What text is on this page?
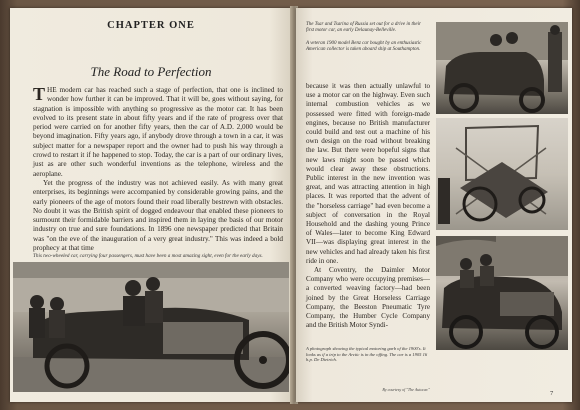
CHAPTER ONE
The Road to Perfection

THE modern car has reached such a stage of perfection, that one is inclined to wonder how further it can be improved. That it will be, goes without saying, for stagnation is impossible with anything so progressive as the motor car. It has been evolved to its present state in about fifty years and if the rate of progress over that period were carried on for another fifty years, then the car of A.D. 2,000 would be beyond imagination. Fifty years ago, if anybody drove through a town in a car, it was subject matter for a newspaper report and the owner had to push his way through a crowd to restart it if he happened to stop. Today, the car is a part of our ordinary lives, just as are other such wonderful inventions as the telephone, wireless and the aeroplane.

Yet the progress of the industry was not achieved easily. As with many great enterprises, its beginnings were accompanied by considerable growing pains, and the early pioneers of the age of motors found their road liberally bestrewn with obstacles. No doubt it was the British spirit of dogged endeavour that enabled these pioneers to surmount their formidable barriers and inspired them in laying the basis of our motor industry on true and sure foundations. In 1896 one newspaper predicted that Britain was "on the eve of the inauguration of a very great industry." This was indeed a bold prophecy at that time

This two-wheeled car, carrying four passengers, must have been a most amazing sight, even for the early days.
The Tsar and Tsarina of Russia set out for a drive in their first motor car, an early Delaunay-Belleville.
A veteran 1900 model Benz car bought by an enthusiastic American collector is taken aboard ship at Southampton.

because it was then actually unlawful to use a motor car on the highway. Even such internal combustion vehicles as we possessed were fitted with foreign-made engines, because no British manufacturer could build and test out a machine of his own design on the road without breaking the law. But there were hopeful signs that new laws might soon be passed which would clear away these obstructions. Public interest in the new invention was great, and was attracting attention in high places. It was reported that the advent of the "horseless carriage" had even become a subject of conversation in the Royal Household and the dashing young Prince of Wales—later to become King Edward VII—was displaying great interest in the new vehicles and had already taken his first ride in one.

At Coventry, the Daimler Motor Company who were occupying premises—a converted weaving factory—had been joined by the Great Horseless Carriage Company, the Beeston Pneumatic Tyre Company, the Humber Cycle Company and the British Motor Syndi-

A photograph showing the typical motoring garb of the 1900's. It looks as if a trip to the Arctic is in the offing. The car is a 1905 16 h.p. De Dietrich.
By courtesy of "The Autocar."
7
